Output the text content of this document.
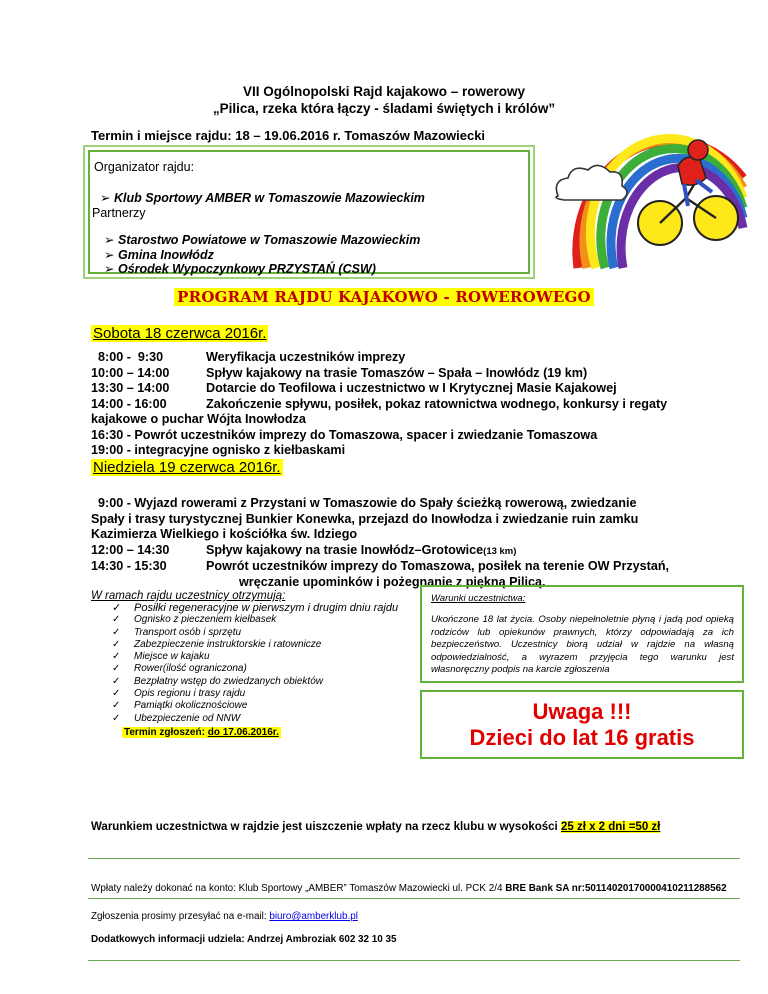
VII Ogólnopolski Rajd kajakowo – rowerowy
„Pilica, rzeka która łączy - śladami świętych i królów”
Termin i miejsce rajdu: 18 – 19.06.2016 r. Tomaszów Mazowiecki
Organizator rajdu:
➢ Klub Sportowy AMBER w Tomaszowie Mazowieckim
Partnerzy
➢ Starostwo Powiatowe w Tomaszowie Mazowieckim
➢ Gmina Inowłódz
➢ Ośrodek Wypoczynkowy PRZYSTAŃ (CSW)
PROGRAM RAJDU KAJAKOWO - ROWEROWEGO
Sobota 18 czerwca 2016r.
8:00 -  9:30	Weryfikacja uczestników imprezy
10:00 – 14:00	Spływ kajakowy na trasie Tomaszów – Spała – Inowłódz (19 km)
13:30 – 14:00	Dotarcie do Teofilowa i uczestnictwo w I Krytycznej Masie Kajakowej
14:00 - 16:00	Zakończenie spływu, posiłek, pokaz ratownictwa wodnego, konkursy i regaty
kajakowe o puchar Wójta Inowłodza
16:30 - Powrót uczestników imprezy do Tomaszowa, spacer i zwiedzanie Tomaszowa
19:00 - integracyjne ognisko z kiełbaskami
Niedziela 19 czerwca 2016r.
9:00 - Wyjazd rowerami z Przystani w Tomaszowie do Spały ścieżką rowerową, zwiedzanie
Spały i trasy turystycznej Bunkier Konewka, przejazd do Inowłodza i zwiedzanie ruin zamku
Kazimierza Wielkiego i kościółka św. Idziego
12:00 – 14:30	Spływ kajakowy na trasie Inowłódz–Grotowice(13 km)
14:30 - 15:30	Powrót uczestników imprezy do Tomaszowa, posiłek na terenie OW Przystań,
wręczanie upominków i pożegnanie z piękną Pilicą.
W ramach rajdu uczestnicy otrzymują:
✓ Posiłki regeneracyjne w pierwszym i drugim dniu rajdu
✓ Ognisko z pieczeniem kiełbasek
✓ Transport osób i sprzętu
✓ Zabezpieczenie instruktorskie i ratownicze
✓ Miejsce w kajaku
✓ Rower(ilość ograniczona)
✓ Bezpłatny wstęp do zwiedzanych obiektów
✓ Opis regionu i trasy rajdu
✓ Pamiątki okolicznościowe
✓ Ubezpieczenie od NNW
Termin zgłoszeń: do 17.06.2016r.
Warunki uczestnictwa:
Ukończone 18 lat życia. Osoby niepełnoletnie płyną i jadą pod opieką rodziców lub opiekunów prawnych, którzy odpowiadają za ich bezpieczeństwo. Uczestnicy biorą udział w rajdzie na własną odpowiedzialność, a wyrazem przyjęcia tego warunku jest własnoręczny podpis na karcie zgłoszenia
Uwaga !!!
Dzieci do lat 16 gratis
Warunkiem uczestnictwa w rajdzie jest uiszczenie wpłaty na rzecz klubu w wysokości 25 zł x 2 dni =50 zł
Wpłaty należy dokonać na konto: Klub Sportowy „AMBER” Tomaszów Mazowiecki ul. PCK 2/4 BRE Bank SA nr:50114020170000410211288562
Zgłoszenia prosimy przesyłać na e-mail: biuro@amberklub.pl
Dodatkowych informacji udziela: Andrzej Ambroziak 602 32 10 35
